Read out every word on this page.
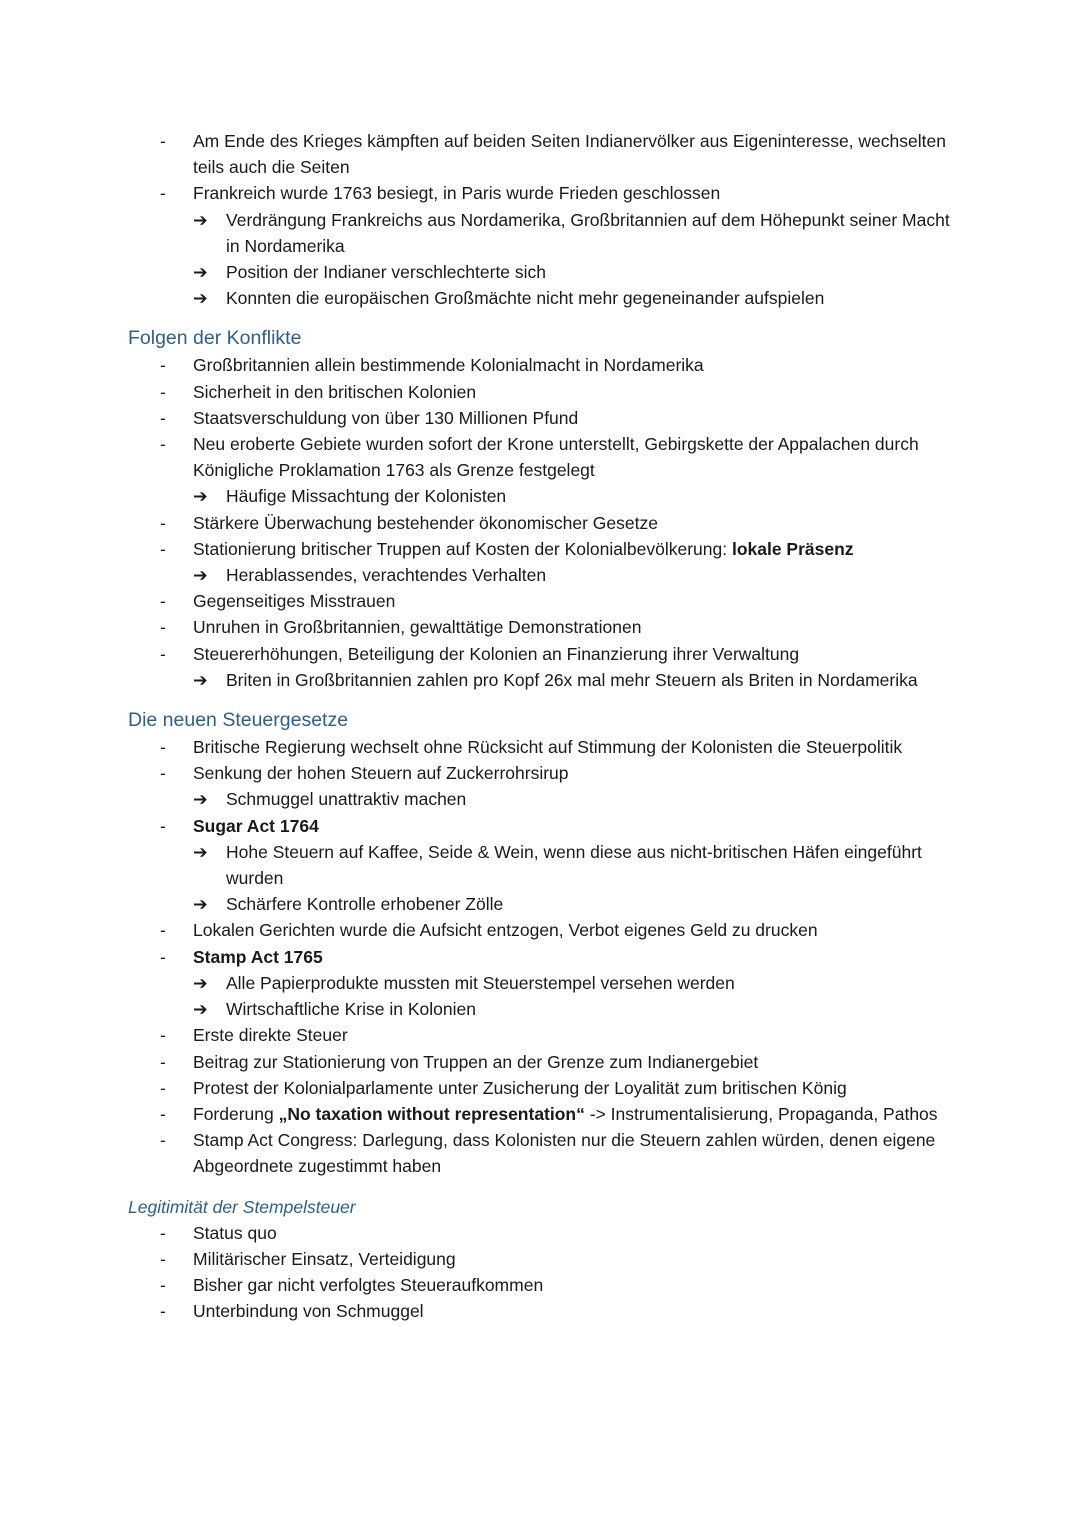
- Am Ende des Krieges kämpften auf beiden Seiten Indianervölker aus Eigeninteresse, wechselten teils auch die Seiten
- Frankreich wurde 1763 besiegt, in Paris wurde Frieden geschlossen
➔ Verdrängung Frankreichs aus Nordamerika, Großbritannien auf dem Höhepunkt seiner Macht in Nordamerika
➔ Position der Indianer verschlechterte sich
➔ Konnten die europäischen Großmächte nicht mehr gegeneinander aufspielen
Folgen der Konflikte
- Großbritannien allein bestimmende Kolonialmacht in Nordamerika
- Sicherheit in den britischen Kolonien
- Staatsverschuldung von über 130 Millionen Pfund
- Neu eroberte Gebiete wurden sofort der Krone unterstellt, Gebirgskette der Appalachen durch Königliche Proklamation 1763 als Grenze festgelegt
➔ Häufige Missachtung der Kolonisten
- Stärkere Überwachung bestehender ökonomischer Gesetze
- Stationierung britischer Truppen auf Kosten der Kolonialbevölkerung: lokale Präsenz
➔ Herablassendes, verachtendes Verhalten
- Gegenseitiges Misstrauen
- Unruhen in Großbritannien, gewalttätige Demonstrationen
- Steuererhöhungen, Beteiligung der Kolonien an Finanzierung ihrer Verwaltung
➔ Briten in Großbritannien zahlen pro Kopf 26x mal mehr Steuern als Briten in Nordamerika
Die neuen Steuergesetze
- Britische Regierung wechselt ohne Rücksicht auf Stimmung der Kolonisten die Steuerpolitik
- Senkung der hohen Steuern auf Zuckerrohrsirup
➔ Schmuggel unattraktiv machen
- Sugar Act 1764
➔ Hohe Steuern auf Kaffee, Seide & Wein, wenn diese aus nicht-britischen Häfen eingeführt wurden
➔ Schärfere Kontrolle erhobener Zölle
- Lokalen Gerichten wurde die Aufsicht entzogen, Verbot eigenes Geld zu drucken
- Stamp Act 1765
➔ Alle Papierprodukte mussten mit Steuerstempel versehen werden
➔ Wirtschaftliche Krise in Kolonien
- Erste direkte Steuer
- Beitrag zur Stationierung von Truppen an der Grenze zum Indianergebiet
- Protest der Kolonialparlamente unter Zusicherung der Loyalität zum britischen König
- Forderung „No taxation without representation“ -> Instrumentalisierung, Propaganda, Pathos
- Stamp Act Congress: Darlegung, dass Kolonisten nur die Steuern zahlen würden, denen eigene Abgeordnete zugestimmt haben
Legitimität der Stempelsteuer
- Status quo
- Militärischer Einsatz, Verteidigung
- Bisher gar nicht verfolgtes Steueraufkommen
- Unterbindung von Schmuggel
